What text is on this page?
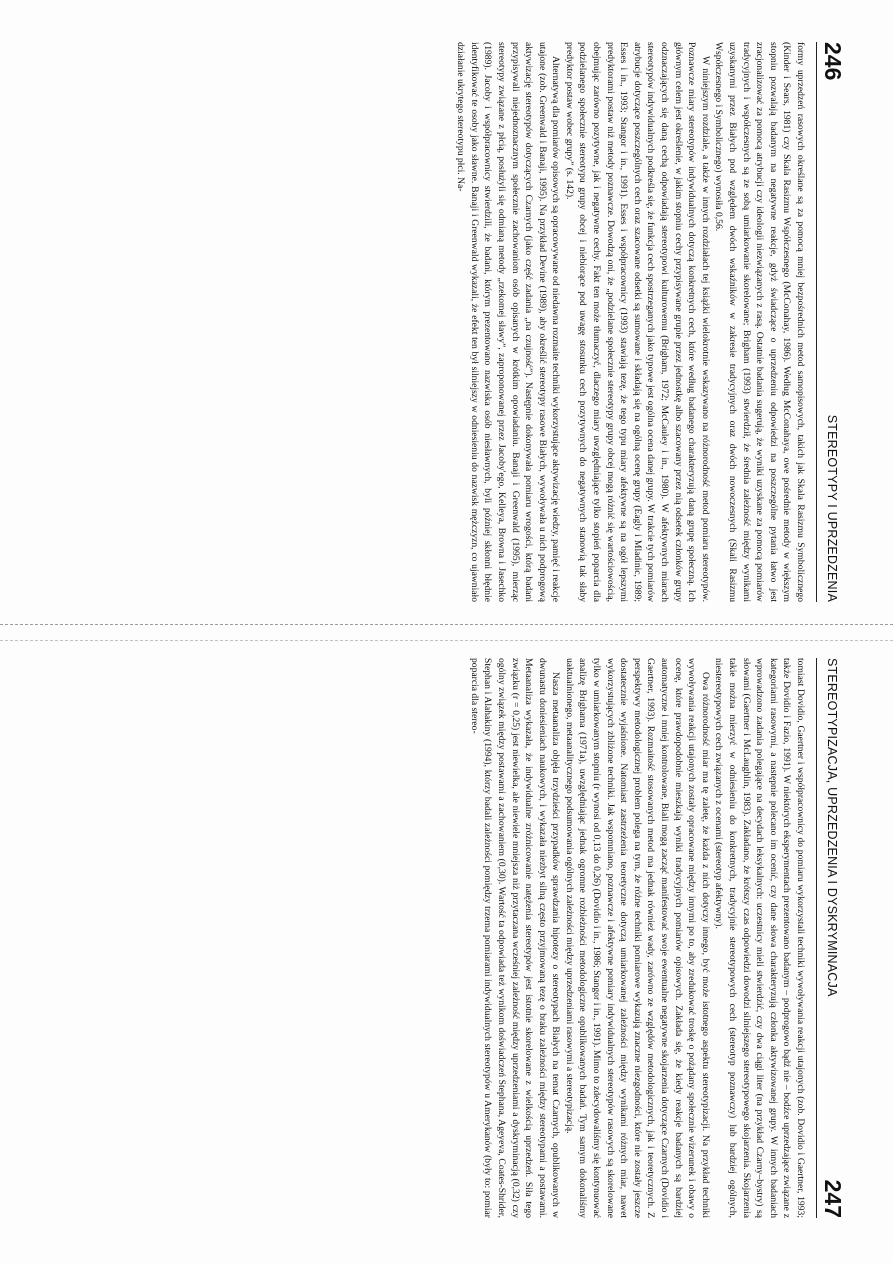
246
STEREOTYPY I UPRZEDZENIA

formy uprzedzeń rasowych określane są za pomocą mniej bezpośrednich metod samopisowych, takich jak Skala Rasizmu Symbolicznego (Kinder i Sears, 1981) czy Skala Rasizmu Współczesnego (McConahay, 1986). Według McConahaya, owe pośrednie metody w większym stopniu pozwalają badanym na negatywne reakcje, gdyż świadczące o uprzedzeniu odpowiedzi na poszczególne pytania łatwo jest zracjonalizować za pomocą atrybucji czy ideologii niezwiązanych z rasą. Ostatnie badania sugerują, że wyniki uzyskane za pomocą pomiarów tradycyjnych i współczesnych są ze sobą umiarkowanie skorelowane; Brigham (1993) stwierdził, że średnia zależność między wynikami uzyskanymi przez Białych pod względem dwóch wskaźników w zakresie tradycyjnych oraz dwóch nowoczesnych (Skali Rasizmu Współczesnego i Symbolicznego) wynosiła 0,56.

W niniejszym rozdziale, a także w innych rozdziałach tej książki wielokrotnie wskazywano na różnorodność metod pomiaru stereotypów. Poznawcze miary stereotypów indywidualnych dotyczą konkretnych cech, które według badanego charakteryzują daną grupę społeczną. Ich głównym celem jest określenie, w jakim stopniu cechy przypisywane grupie przez jednostkę albo szacowany przez nią odsetek członków grupy odznaczających się daną cechą odpowiadają stereotypowi kulturowemu (Brigham, 1972; McCauley i in., 1980). W afektywnych miarach stereotypów indywidualnych podkreśla się, że funkcja cech spostrzeganych jako typowe jest ogólna ocena danej grupy. W trakcie tych pomiarów atrybucje dotyczące poszczególnych cech oraz szacowane odsetki są sumowane i składają się na ogólną ocenę grupy (Eagly i Mladinic, 1989; Esses i in., 1993; Stangor i in., 1991). Esses i współpracownicy (1993) stawiają tezę, że tego typu miary afektywne są na ogół lepszymi predyktorami postaw niż metody poznawcze. Dowodzą oni, że „podzielane społecznie stereotypy grupy obcej mogą różnić się wartościowością, obejmując zarówno pozytywne, jak i negatywne cechy. Fakt ten może tłumaczyć, dlaczego miary uwzględniające tylko stopień poparcia dla podzielanego społecznie stereotypu grupy obcej i niebiorące pod uwagę stosunku cech pozytywnych do negatywnych stanowią tak słaby predyktor postaw wobec grupy” (s. 142).

Alternatywą dla pomiarów opisowych są opracowywane od niedawna rozmaite techniki wykorzystujące aktywizację wiedzy, pamięć i reakcje utajone (zob. Greenwald i Banaji, 1995). Na przykład Devine (1989), aby określić stereotypy rasowe Białych, wywoływała u nich podprogową aktywizację stereotypów dotyczących Czarnych (jako część zadania „na czujność”). Następnie dokonywała pomiaru wrogości, którą badani przypisywali niejednoznacznym społecznie zachowaniom osób opisanych w krótkim opowiadaniu. Banaji i Greenwald (1995), mierząc stereotypy związane z płcią, posłużyli się odmianą metody „rzekomej sławy”, zaproponowanej przez Jacoby'ego, Kelleya, Browna i Jasechko (1989). Jacoby i współpracownicy stwierdzili, że badani, którym prezentowano nazwiska osób niesławnych, byli później skłonni błędnie identyfikować te osoby jako sławne. Banaji i Greenwald wykazali, że efekt ten był silniejszy w odniesieniu do nazwisk mężczyzn, co ujawniało działanie ukrytego stereotypu płci. Na-

STEREOTYPIZACJA, UPRZEDZENIA I DYSKRYMINACJA
247

tomiast Dovidio, Gaertner i współpracownicy do pomiaru wykorzystali techniki wywoływania reakcji utajonych (zob. Dovidio i Gaertner, 1993; także Dovidio i Fazio, 1991). W niektórych eksperymentach prezentowano badanym – podprogowo bądź nie – bodźce uprzedzające związane z kategoriami rasowymi, a następnie polecano im ocenić, czy dane słowa charakteryzują członka aktywizowanej grupy. W innych badaniach wprowadzono zadania polegające na decydach leksykalnych: uczestnicy mieli stwierdzić, czy dwa ciągi liter (na przykład Czarny–bystry) są słowami (Gaertner i McLaughlin, 1983). Zakładano, że krótszy czas odpowiedzi dowodzi silniejszego stereotypowego skojarzenia. Skojarzenia takie można mierzyć w odniesieniu do konkretnych, tradycyjnie stereotypowych cech (stereotyp poznawczy) lub bardziej ogólnych, niestereotypowych cech związanych z ocenami (stereotyp afektywny).

Owa różnorodność miar ma tę zaletę, że każda z nich dotyczy innego, być może istotnego aspektu stereotypizacji. Na przykład techniki wywoływania reakcji utajonych zostały opracowane między innymi po to, aby zredukować troskę o pożądany społecznie wizerunek i obawy o ocenę, które prawdopodobnie mieszkają wyniki tradycyjnych pomiarów opisowych. Zakłada się, że kiedy reakcje badanych są bardziej automatyczne i mniej kontrolowane, Biali mogą zacząć manifestować swoje ewentualne negatywne skojarzenia dotyczące Czarnych (Dovidio i Gaertner, 1993). Rozmaitość stosowanych metod ma jednak również wady, zarówno ze względów metodologicznych, jak i teoretycznych. Z perspektywy metodologicznej problem polega na tym, że różne techniki pomiarowe wykazują znaczne niezgodności, które nie zostały jeszcze dostatecznie wyjaśnione. Natomiast zastrzeżenia teoretyczne dotyczą umiarkowanej zależności między wynikami różnych miar, nawet wykorzystujących zbliżone techniki. Jak wspomniano, poznawcze i afektywne pomiary indywidualnych stereotypów rasowych są skorelowane tylko w umiarkowanym stopniu (r wynosi od 0,13 do 0,26) (Dovidio i in., 1986; Stangor i in., 1991). Mimo to zdecydowaliśmy się kontynuować analizę Brighama (1971a), uwzględniając jednak ogromne rozbieżności metodologiczne opublikowanych badań. Tym samym dokonaliśmy uaktualnionego, metaanalitycznego podsumowania ogólnych zależności między uprzedzeniami rasowymi a stereotypizacją.

Nasza metaanaliza objęła trzydzieści przypadków sprawdzania hipotezy o stereotypach Białych na temat Czarnych, opublikowanych w dwunastu doniesieniach naukowych, i wykazała niezbyt silną często przyjmowaną tezę o braku zależności między stereotypami a postawami. Metaanaliza wykazała, że indywidualne zróżnicowanie natężenia stereotypów jest istotnie skorelowane z wielkością uprzedzeń. Siła tego związku (r = 0,25) jest niewielka, ale niewiele mniejsza niż przytaczana wcześniej zależność między uprzedzeniami a dyskryminacją (0,32) czy ogólny związek między postawami a zachowaniem (0,30). Wartość ta odpowiada też wynikom doświadczeń Stephana, Ageyeva, Coates-Shrider, Stephan i Alahakiny (1994), którzy badali zależności pomiędzy trzema pomiarami indywidualnych stereotypów u Amerykanów (były to: pomiar poparcia dla stereo-
